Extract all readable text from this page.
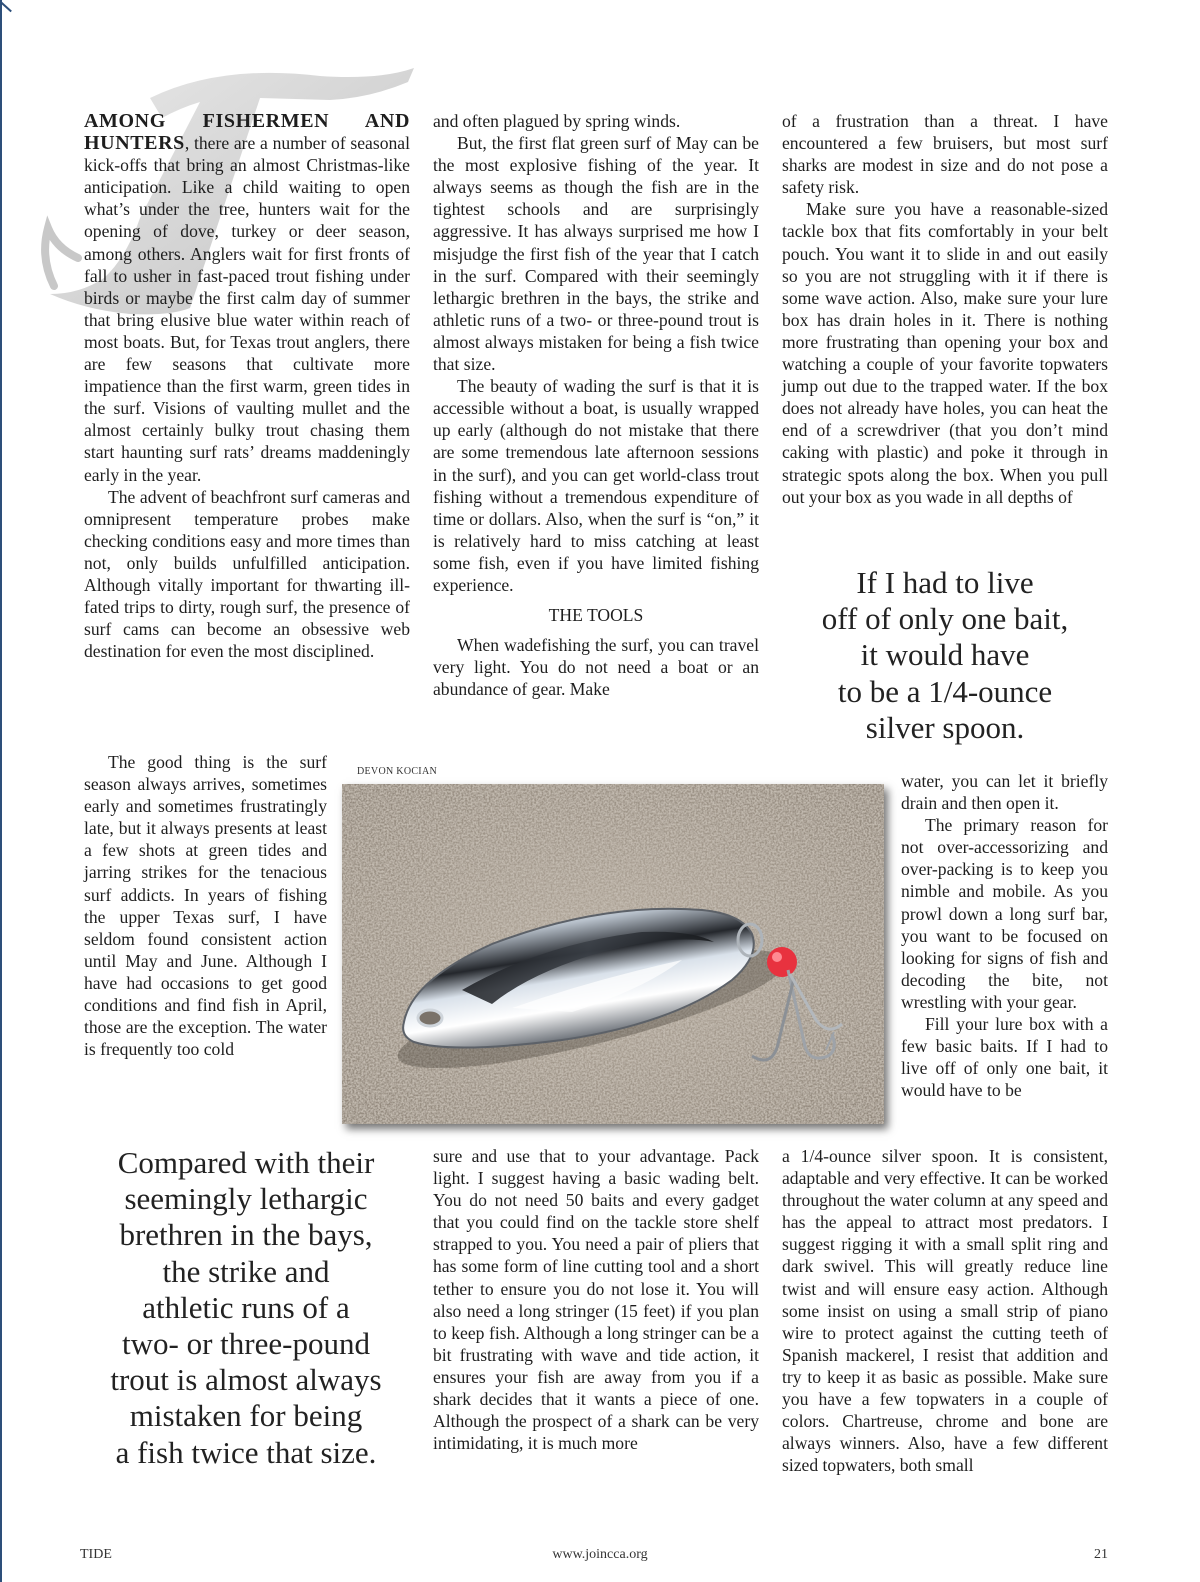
AMONG FISHERMEN AND HUNTERS, there are a number of seasonal kick-offs that bring an almost Christmas-like anticipation. Like a child waiting to open what’s under the tree, hunters wait for the opening of dove, turkey or deer season, among others. Anglers wait for first fronts of fall to usher in fast-paced trout fishing under birds or maybe the first calm day of summer that bring elusive blue water within reach of most boats. But, for Texas trout anglers, there are few seasons that cultivate more impatience than the first warm, green tides in the surf. Visions of vaulting mullet and the almost certainly bulky trout chasing them start haunting surf rats’ dreams maddeningly early in the year.

The advent of beachfront surf cameras and omnipresent temperature probes make checking conditions easy and more times than not, only builds unfulfilled anticipation. Although vitally important for thwarting ill-fated trips to dirty, rough surf, the presence of surf cams can become an obsessive web destination for even the most disciplined.

The good thing is the surf season always arrives, sometimes early and sometimes frustratingly late, but it always presents at least a few shots at green tides and jarring strikes for the tenacious surf addicts. In years of fishing the upper Texas surf, I have seldom found consistent action until May and June. Although I have had occasions to get good conditions and find fish in April, those are the exception. The water is frequently too cold

and often plagued by spring winds.

But, the first flat green surf of May can be the most explosive fishing of the year. It always seems as though the fish are in the tightest schools and are surprisingly aggressive. It has always surprised me how I misjudge the first fish of the year that I catch in the surf. Compared with their seemingly lethargic brethren in the bays, the strike and athletic runs of a two- or three-pound trout is almost always mistaken for being a fish twice that size.

The beauty of wading the surf is that it is accessible without a boat, is usually wrapped up early (although do not mistake that there are some tremendous late afternoon sessions in the surf), and you can get world-class trout fishing without a tremendous expenditure of time or dollars. Also, when the surf is “on,” it is relatively hard to miss catching at least some fish, even if you have limited fishing experience.

THE TOOLS

When wadefishing the surf, you can travel very light. You do not need a boat or an abundance of gear. Make

sure and use that to your advantage. Pack light. I suggest having a basic wading belt. You do not need 50 baits and every gadget that you could find on the tackle store shelf strapped to you. You need a pair of pliers that has some form of line cutting tool and a short tether to ensure you do not lose it. You will also need a long stringer (15 feet) if you plan to keep fish. Although a long stringer can be a bit frustrating with wave and tide action, it ensures your fish are away from you if a shark decides that it wants a piece of one. Although the prospect of a shark can be very intimidating, it is much more

of a frustration than a threat. I have encountered a few bruisers, but most surf sharks are modest in size and do not pose a safety risk.

Make sure you have a reasonable-sized tackle box that fits comfortably in your belt pouch. You want it to slide in and out easily so you are not struggling with it if there is some wave action. Also, make sure your lure box has drain holes in it. There is nothing more frustrating than opening your box and watching a couple of your favorite topwaters jump out due to the trapped water. If the box does not already have holes, you can heat the end of a screwdriver (that you don’t mind caking with plastic) and poke it through in strategic spots along the box. When you pull out your box as you wade in all depths of

water, you can let it briefly drain and then open it.

The primary reason for not over-accessorizing and over-packing is to keep you nimble and mobile. As you prowl down a long surf bar, you want to be focused on looking for signs of fish and decoding the bite, not wrestling with your gear.

Fill your lure box with a few basic baits. If I had to live off of only one bait, it would have to be

a 1/4-ounce silver spoon. It is consistent, adaptable and very effective. It can be worked throughout the water column at any speed and has the appeal to attract most predators. I suggest rigging it with a small split ring and dark swivel. This will greatly reduce line twist and will ensure easy action. Although some insist on using a small strip of piano wire to protect against the cutting teeth of Spanish mackerel, I resist that addition and try to keep it as basic as possible. Make sure you have a few topwaters in a couple of colors. Chartreuse, chrome and bone are always winners. Also, have a few different sized topwaters, both small

If I had to live
off of only one bait,
it would have
to be a 1/4-ounce
silver spoon.
Compared with their
seemingly lethargic
brethren in the bays,
the strike and
athletic runs of a
two- or three-pound
trout is almost always
mistaken for being
a fish twice that size.
DEVON KOCIAN
TIDE	www.joincca.org	21
